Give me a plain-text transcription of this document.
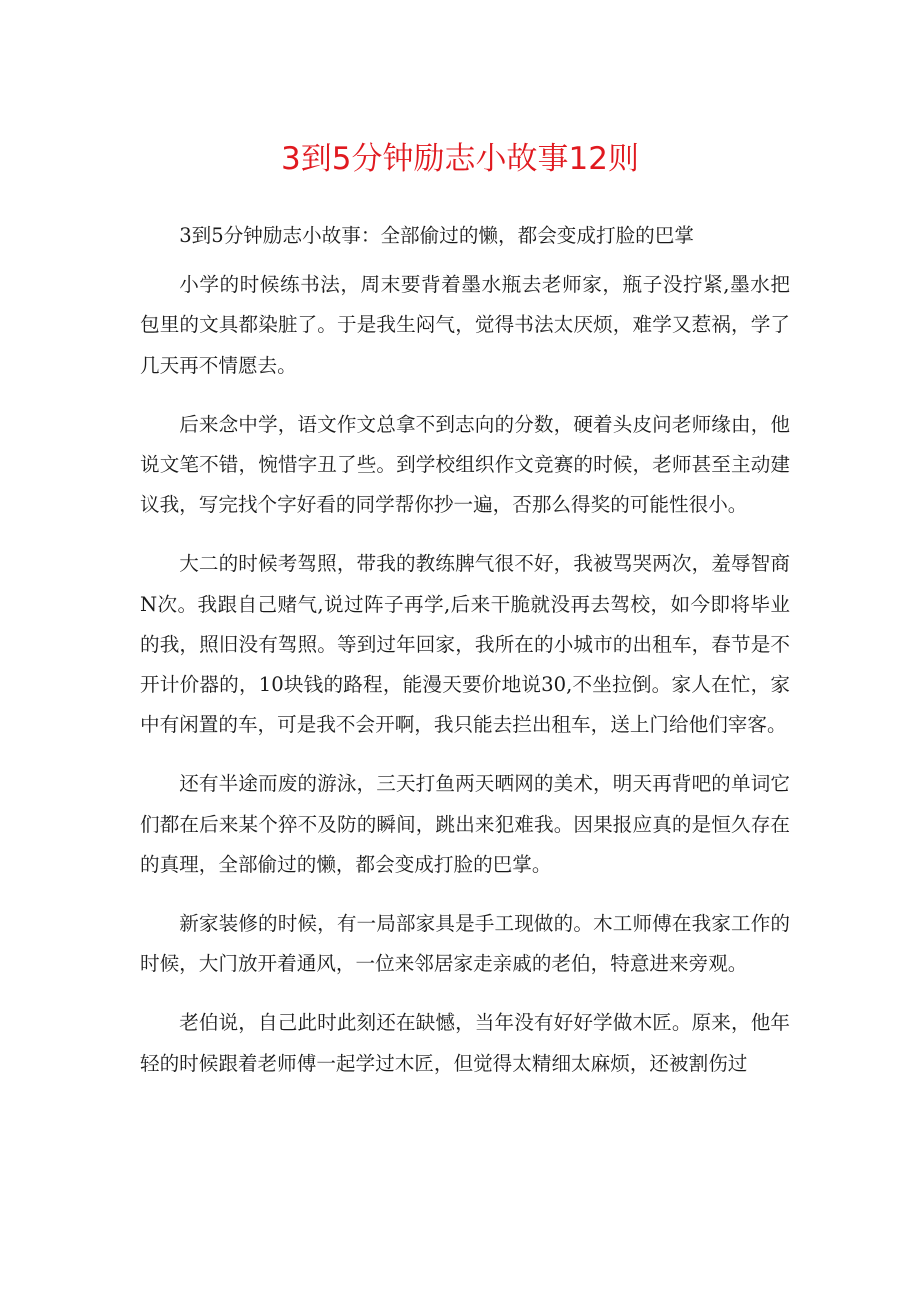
3到5分钟励志小故事12则

3到5分钟励志小故事：全部偷过的懒，都会变成打脸的巴掌

小学的时候练书法，周末要背着墨水瓶去老师家，瓶子没拧紧,墨水把包里的文具都染脏了。于是我生闷气，觉得书法太厌烦，难学又惹祸，学了几天再不情愿去。

后来念中学，语文作文总拿不到志向的分数，硬着头皮问老师缘由，他说文笔不错，惋惜字丑了些。到学校组织作文竞赛的时候，老师甚至主动建议我，写完找个字好看的同学帮你抄一遍，否那么得奖的可能性很小。

大二的时候考驾照，带我的教练脾气很不好，我被骂哭两次，羞辱智商N次。我跟自己赌气,说过阵子再学,后来干脆就没再去驾校，如今即将毕业的我，照旧没有驾照。等到过年回家，我所在的小城市的出租车，春节是不开计价器的，10块钱的路程，能漫天要价地说30,不坐拉倒。家人在忙，家中有闲置的车，可是我不会开啊，我只能去拦出租车，送上门给他们宰客。

还有半途而废的游泳，三天打鱼两天晒网的美术，明天再背吧的单词它们都在后来某个猝不及防的瞬间，跳出来犯难我。因果报应真的是恒久存在的真理，全部偷过的懒，都会变成打脸的巴掌。

新家装修的时候，有一局部家具是手工现做的。木工师傅在我家工作的时候，大门放开着通风，一位来邻居家走亲戚的老伯，特意进来旁观。

老伯说，自己此时此刻还在缺憾，当年没有好好学做木匠。原来，他年轻的时候跟着老师傅一起学过木匠，但觉得太精细太麻烦，还被割伤过
